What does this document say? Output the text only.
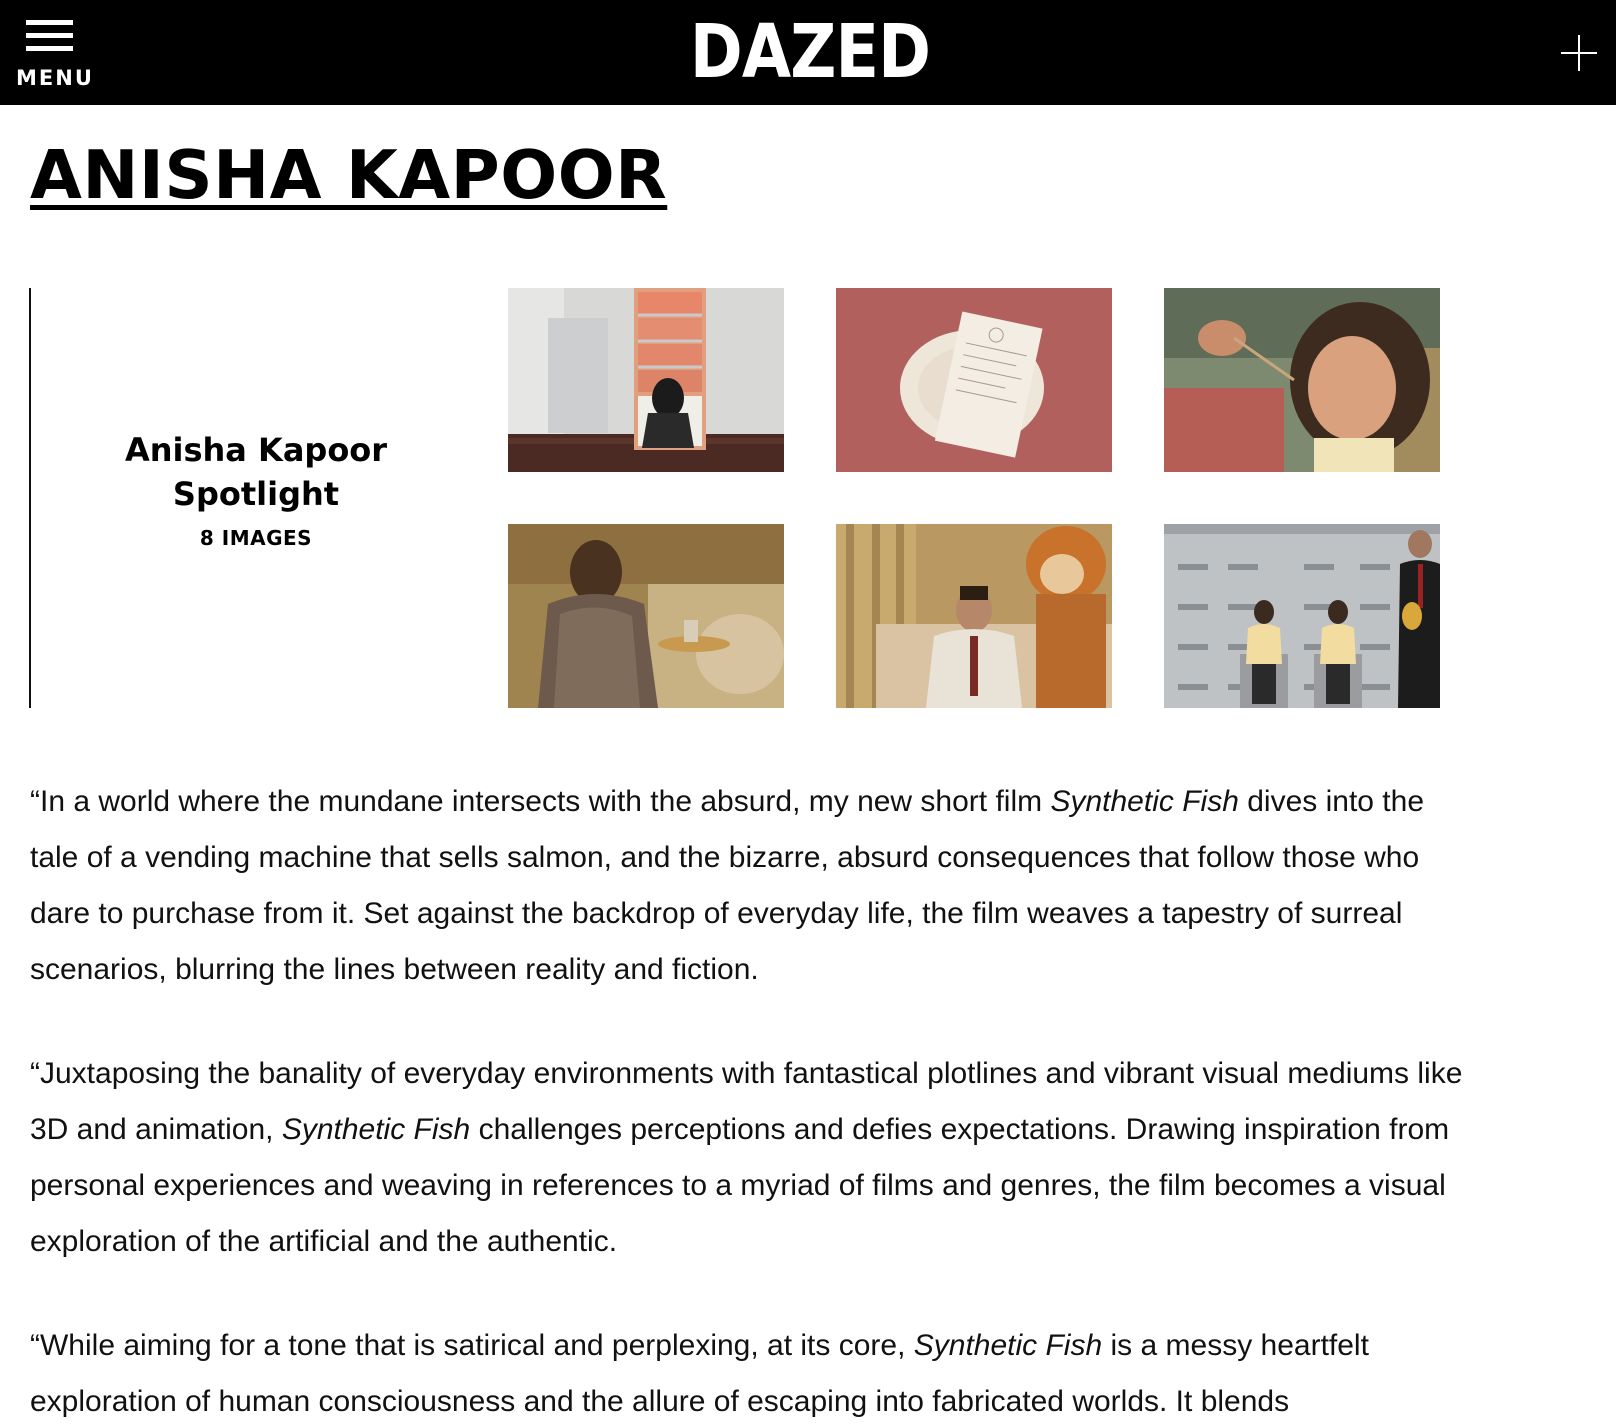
MENU	DAZED
ANISHA KAPOOR
Anisha Kapoor
Spotlight
8 IMAGES

“In a world where the mundane intersects with the absurd, my new short film Synthetic Fish dives into the tale of a vending machine that sells salmon, and the bizarre, absurd consequences that follow those who dare to purchase from it. Set against the backdrop of everyday life, the film weaves a tapestry of surreal scenarios, blurring the lines between reality and fiction.

“Juxtaposing the banality of everyday environments with fantastical plotlines and vibrant visual mediums like 3D and animation, Synthetic Fish challenges perceptions and defies expectations. Drawing inspiration from personal experiences and weaving in references to a myriad of films and genres, the film becomes a visual exploration of the artificial and the authentic.

“While aiming for a tone that is satirical and perplexing, at its core, Synthetic Fish is a messy heartfelt exploration of human consciousness and the allure of escaping into fabricated worlds. It blends
